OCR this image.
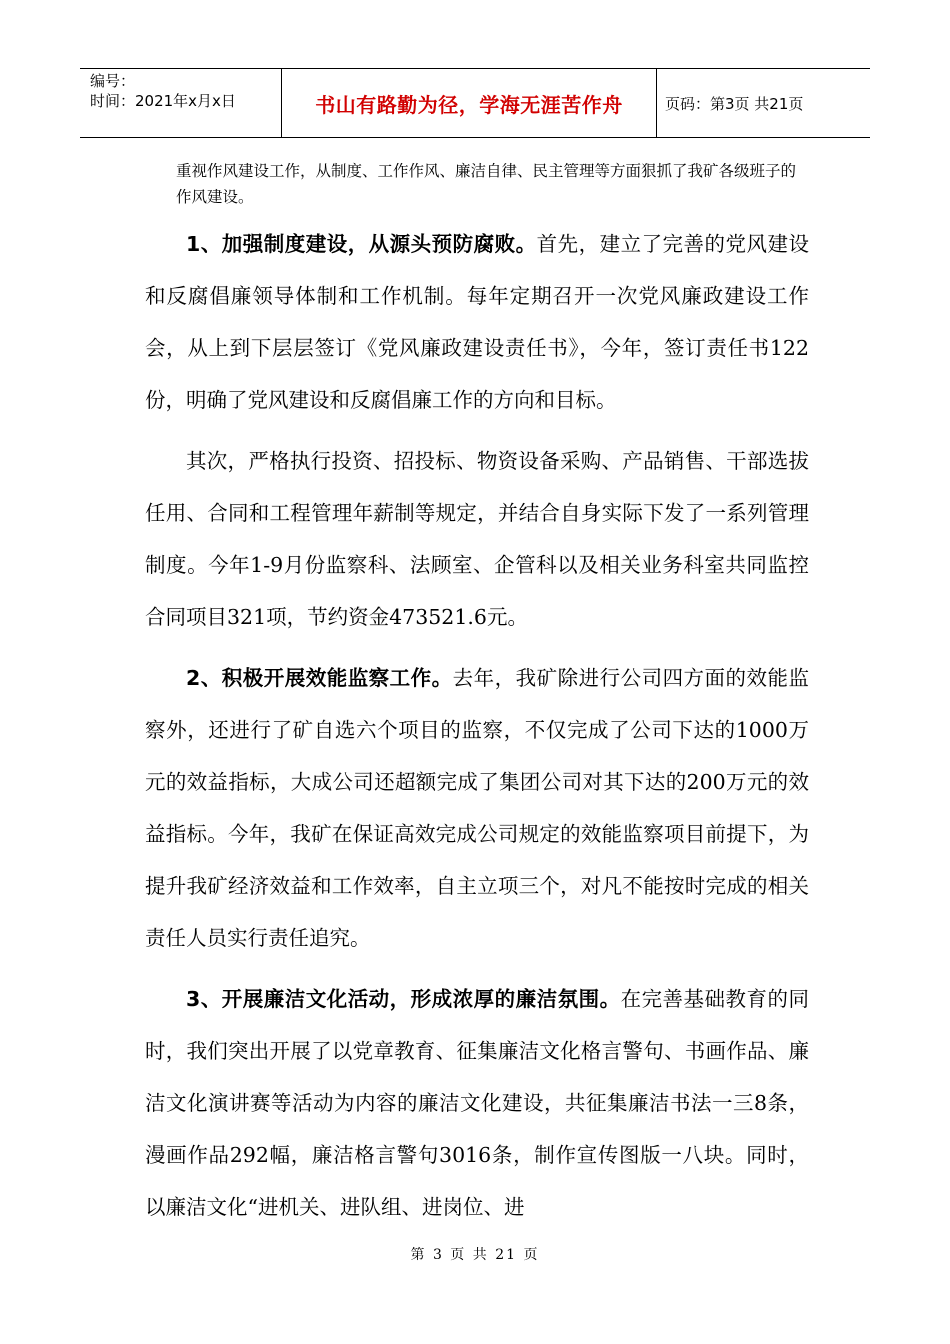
编号：
时间：2021年x月x日	书山有路勤为径，学海无涯苦作舟	页码：第3页 共21页
重视作风建设工作，从制度、工作作风、廉洁自律、民主管理等方面狠抓了我矿各级班子的作风建设。

1、加强制度建设，从源头预防腐败。首先，建立了完善的党风建设和反腐倡廉领导体制和工作机制。每年定期召开一次党风廉政建设工作会，从上到下层层签订《党风廉政建设责任书》，今年，签订责任书122份，明确了党风建设和反腐倡廉工作的方向和目标。

其次，严格执行投资、招投标、物资设备采购、产品销售、干部选拔任用、合同和工程管理年薪制等规定，并结合自身实际下发了一系列管理制度。今年1-9月份监察科、法顾室、企管科以及相关业务科室共同监控合同项目321项，节约资金473521.6元。

2、积极开展效能监察工作。去年，我矿除进行公司四方面的效能监察外，还进行了矿自选六个项目的监察，不仅完成了公司下达的1000万元的效益指标，大成公司还超额完成了集团公司对其下达的200万元的效益指标。今年，我矿在保证高效完成公司规定的效能监察项目前提下，为提升我矿经济效益和工作效率，自主立项三个，对凡不能按时完成的相关责任人员实行责任追究。

3、开展廉洁文化活动，形成浓厚的廉洁氛围。在完善基础教育的同时，我们突出开展了以党章教育、征集廉洁文化格言警句、书画作品、廉洁文化演讲赛等活动为内容的廉洁文化建设，共征集廉洁书法一三8条，漫画作品292幅，廉洁格言警句3016条，制作宣传图版一八块。同时，以廉洁文化“进机关、进队组、进岗位、进

第 3 页 共 21 页
